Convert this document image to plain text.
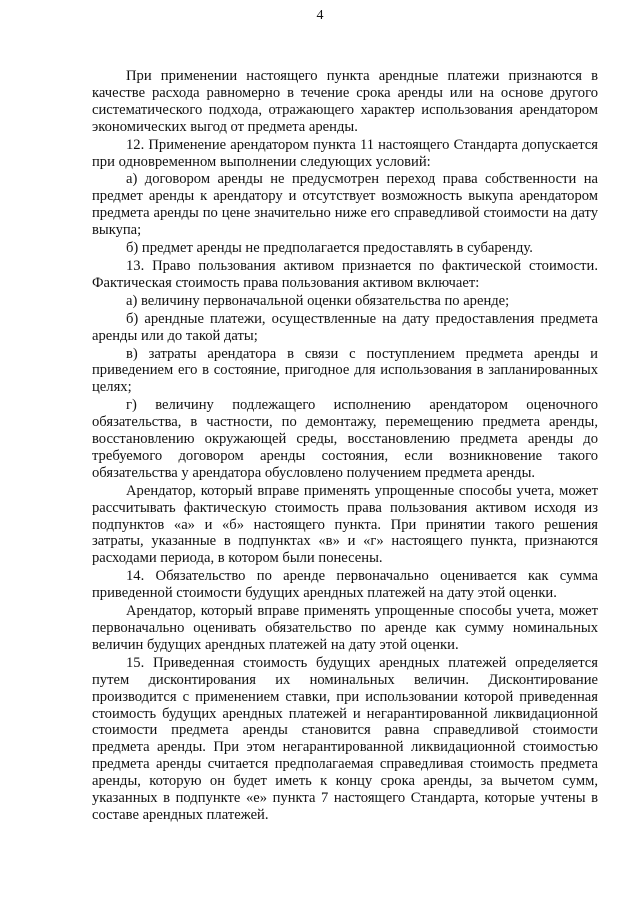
4

При применении настоящего пункта арендные платежи признаются в качестве расхода равномерно в течение срока аренды или на основе другого систематического подхода, отражающего характер использования арендатором экономических выгод от предмета аренды.

12. Применение арендатором пункта 11 настоящего Стандарта допускается при одновременном выполнении следующих условий:

а) договором аренды не предусмотрен переход права собственности на предмет аренды к арендатору и отсутствует возможность выкупа арендатором предмета аренды по цене значительно ниже его справедливой стоимости на дату выкупа;

б) предмет аренды не предполагается предоставлять в субаренду.

13. Право пользования активом признается по фактической стоимости. Фактическая стоимость права пользования активом включает:

а) величину первоначальной оценки обязательства по аренде;

б) арендные платежи, осуществленные на дату предоставления предмета аренды или до такой даты;

в) затраты арендатора в связи с поступлением предмета аренды и приведением его в состояние, пригодное для использования в запланированных целях;

г) величину подлежащего исполнению арендатором оценочного обязательства, в частности, по демонтажу, перемещению предмета аренды, восстановлению окружающей среды, восстановлению предмета аренды до требуемого договором аренды состояния, если возникновение такого обязательства у арендатора обусловлено получением предмета аренды.

Арендатор, который вправе применять упрощенные способы учета, может рассчитывать фактическую стоимость права пользования активом исходя из подпунктов «а» и «б» настоящего пункта. При принятии такого решения затраты, указанные в подпунктах «в» и «г» настоящего пункта, признаются расходами периода, в котором были понесены.

14. Обязательство по аренде первоначально оценивается как сумма приведенной стоимости будущих арендных платежей на дату этой оценки.

Арендатор, который вправе применять упрощенные способы учета, может первоначально оценивать обязательство по аренде как сумму номинальных величин будущих арендных платежей на дату этой оценки.

15. Приведенная стоимость будущих арендных платежей определяется путем дисконтирования их номинальных величин. Дисконтирование производится с применением ставки, при использовании которой приведенная стоимость будущих арендных платежей и негарантированной ликвидационной стоимости предмета аренды становится равна справедливой стоимости предмета аренды. При этом негарантированной ликвидационной стоимостью предмета аренды считается предполагаемая справедливая стоимость предмета аренды, которую он будет иметь к концу срока аренды, за вычетом сумм, указанных в подпункте «е» пункта 7 настоящего Стандарта, которые учтены в составе арендных платежей.
